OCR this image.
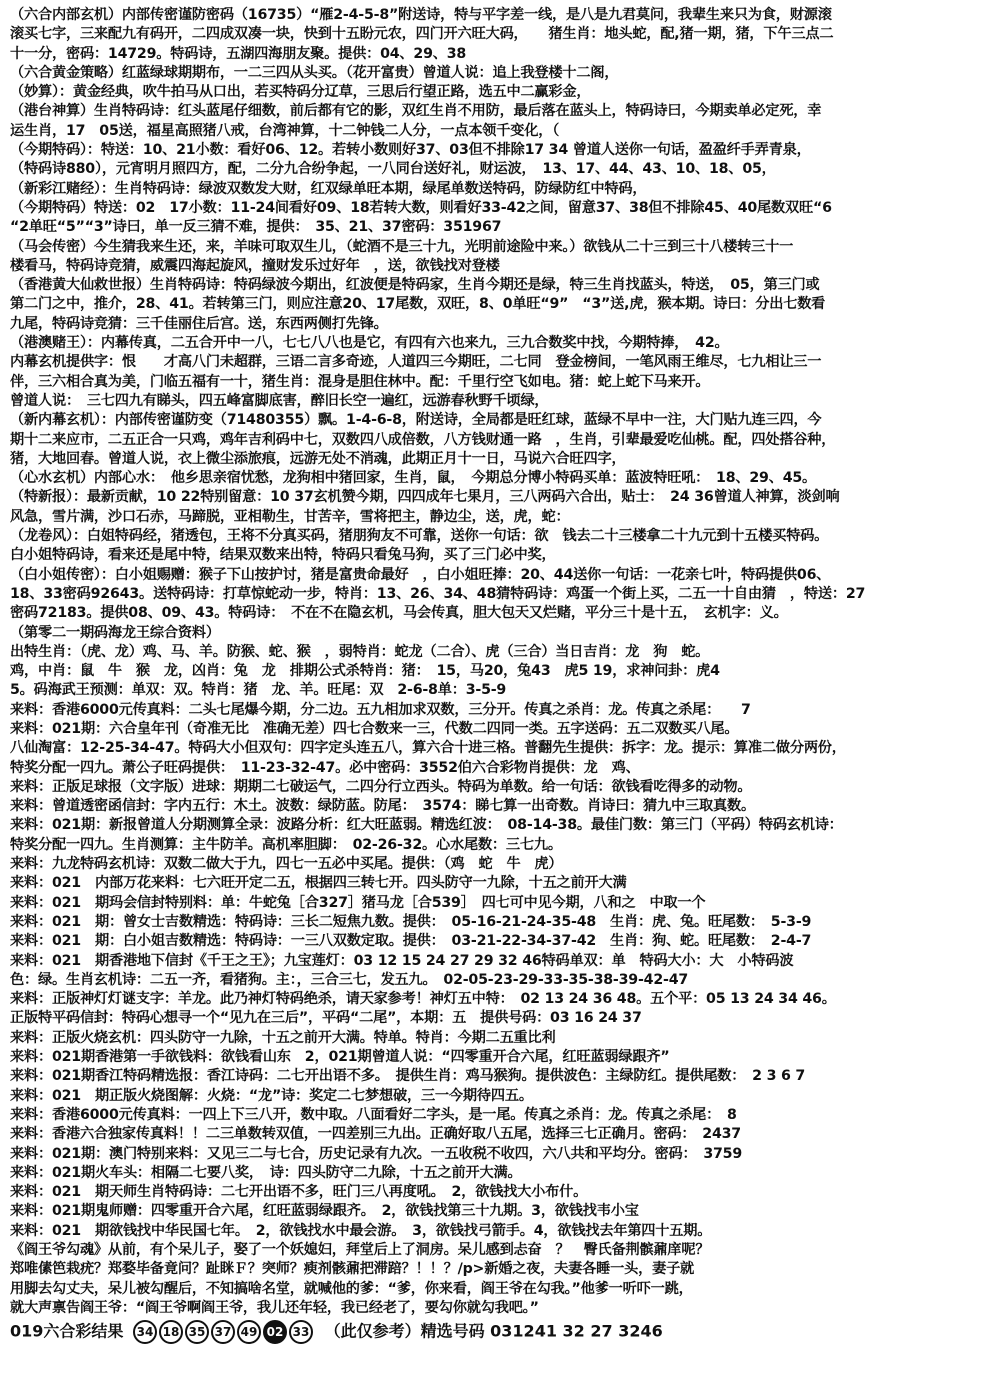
（六合内部玄机）内部传密谨防密码（16735）“雁2-4-5-8”附送诗，特与平字差一线，是八是九君莫问，我辈生来只为食，财源滚
滚买七字，三来配九有码开，二四成双凑一块，快到十五盼元农，四门开六旺大码，　　猪生肖：地头蛇，配,猪一期，猪，下午三点二
十一分，密码：14729。特码诗，五湖四海朋友聚。提供：04、29、38
（六合黄金策略）红蓝绿球期期布，一二三四从头买。（花开富贵）曾道人说：追上我登楼十二阁，
（妙算）：黄金经典，吹牛拍马从口出，若买特码分辽草，三思后行望正路，选五中二赢彩金，
（港台神算）生肖特码诗：红头蓝尾仔细数，前后都有它的影，双红生肖不用防，最后落在蓝头上，特码诗曰，今期卖单必定死，幸
运生肖，17　05送，福星高照猪八戒，台湾神算，十二钟钱二人分，一点本领千变化，（
（今期特码）：特送：10、21小数：看好06、12。若转小数则好37、03但不排除17 34 曾道人送你一句话，盈盈纤手弄青泉，
（特码诗880），元宵明月照四方，配，二分九合纷争起，一八同台送好礼，财运波，　13、17、44、43、10、18、05，
（新彩江赌经）：生肖特码诗：绿波双数发大财，红双绿单旺本期，绿尾单数送特码，防绿防红中特码，
（今期特码）特送：02　17小数：11-24间看好09、18若转大数，则看好33-42之间，留意37、38但不排除45、40尾数双旺“6
“2单旺“5”“3”诗曰，单一反三猜不难，提供：　35、21、37密码：351967
（马会传密）今生猜我来生还，来，羊味可取双生儿，（蛇酒不是三十九，光明前途险中来。）欲钱从二十三到三十八楼转三十一
楼看马，特码诗竞猜，威震四海起旋风，撞财发乐过好年　，送，欲钱找对登楼
（香港黄大仙救世报）生肖特码诗：特码绿波今期出，红波便是特码家，生肖今期还是绿，特三生肖找蓝头，特送，　05，第三门或
第二门之中，推介，28、41。若转第三门，则应注意20、17尾数，双旺，8、0单旺“9”　“3”送,虎，猴本期。诗曰：分出七数看
九尾，特码诗竞猜：三千佳丽住后宫。送，东西两侧打先锋。
（港澳赌王）：内幕传真，二五合开中一八，七七八八也是它，有四有六也来九，三九合数奖中找，今期特捧，　42。
内幕玄机提供字：恨　　才高八门未超群，三语二言多奇迹，人道四三今期旺，二七同　登金榜间，一笔风雨王维尽，七九相让三一
伴，三六相合真为美，门临五福有一十，猪生肖：混身是胆住林中。配：千里行空飞如电。猪：蛇上蛇下马来开。
曾道人说：　三七四九有睇头，四五峰富脚底害，醉旧长空一遍红，远游春秋野千顷绿，
（新内幕玄机）：内部传密谨防变（71480355）飘。1-4-6-8，附送诗，全局都是旺红球，蓝绿不早中一注，大门贴九连三四，今
期十二来应市，二五正合一只鸡，鸡年吉利码中七，双数四八成倍数，八方钱财通一路　，生肖，引辈最爱吃仙桃。配，四处搭谷种，
猪，大地回春。曾道人说，衣上微尘添旅痕，远游无处不消魂，此期正月十一日，马说六合旺四字，
（心水玄机）内部心水：　他乡思亲宿忧愁，龙狗相中猪回家，生肖，鼠，　今期总分博小特码买单：蓝波特旺吼：　18、29、45。
（特新报）：最新贡献，10 22特别留意：10 37玄机赞今期，四四成年七果月，三八两码六合出，贴士：　24 36曾道人神算，淡剑响
风急，雪片满，沙口石赤，马蹄脱，亚相勒生，甘苦辛，雪将把主，静边尘，送，虎，蛇：
（龙卷风）：白姐特码经，猪透包，王将不分真买码，猪朋狗友不可靠，送你一句话：欲　钱去二十三楼拿二十九元到十五楼买特码。
白小姐特码诗，看来还是尾中特，结果双数来出特，特码只看兔马狗，买了三门必中奖，
（白小姐传密）：白小姐赐赠：猴子下山按护讨，猪是富贵命最好　，白小姐旺捧：20、44送你一句话：一花亲七叶，特码提供06、
18、33密码92643。送特码诗：打草惊蛇动一步，特肖：13、26、34、48猜特码诗：鸡蛋一个街上买，二五一十自由猜　，特送：27
密码72183。提供08、09、43。特码诗：　不在不在隐玄机，马会传真，胆大包天又烂赌，平分三十是十五，　玄机字：义。
（第零二一期码海龙王综合资料）
出特生肖：（虎、龙）鸡、马、羊。防猴、蛇、猴　，弱特肖：蛇龙（二合）、虎（三合）当日吉肖：龙　狗　蛇。
鸡，中肖：鼠　牛　猴　龙，凶肖：兔　龙　排期公式杀特肖：猪：　15，马20，兔43　虎5 19，求神问卦：虎4
5。码海武王预测：单双：双。特肖：猪　龙、羊。旺尾：双　2-6-8单：3-5-9
来料：香港6000元传真料：二头七尾爆今期，分二边。五九相加求双数，三分开。传真之杀肖：龙。传真之杀尾：　　7
来料：021期：六合皇年刊（奇准无比　准确无差）四七合数来一三，代数二四同一类。五字送码：五二双数买八尾。
八仙淘富：12-25-34-47。特码大小但双句：四字定头连五八，算六合十进三格。普翻先生提供：拆字：龙。提示：算准二做分两份，
特奖分配一四九。萧公子旺码提供：　11-23-32-47。必中密码：3552伯六合彩物肖提供：龙　鸡、
来料：正版足球报（文字版）进球：期期二七破运气，二四分行立西头。特码为单数。给一句话：欲钱看吃得多的动物。
来料：曾道透密函信封：字内五行：木土。波数：绿防蓝。防尾：　3574：睇七算一出奇数。肖诗曰：猜九中三取真数。
来料：021期：新报曾道人分期测算全录：波路分析：红大旺蓝弱。精选红波：　08-14-38。最佳门数：第三门（平码）特码玄机诗：
特奖分配一四九。生肖测算：主牛防羊。高机率胆脚：　02-26-32。心水尾数：三七九。
来料：九龙特码玄机诗：双数二做大于九，四七一五必中买尾。提供：（鸡　蛇　牛　虎）
来料：021　内部万花来料：七六旺开定二五，根据四三转七开。四头防守一九除，十五之前开大满
来料：021　期玛会信封特别料：单：牛蛇兔［合327］猪马龙［合539］　四七可中见今期，八和之　中取一个
来料：021　期：曾女士吉数精选：特码诗：三长二短焦九数。提供：　05-16-21-24-35-48　生肖：虎、兔。旺尾数：　5-3-9
来料：021　期：白小姐吉数精选：特码诗：一三八双数定取。提供：　03-21-22-34-37-42　生肖：狗、蛇。旺尾数：　2-4-7
来料：021　期香港地下信封《千王之王》；九宝莲灯：03 12 15 24 27 29 32 46特码单双：单　特码大小：大　小特码波
色：绿。生肖玄机诗：二五一齐，看猪狗。主：，三合三七，发五九。　02-05-23-29-33-35-38-39-42-47
来料：正版神灯灯谜支字：羊龙。此乃神灯特码绝杀，请天家参考！神灯五中特：　02 13 24 36 48。五个平：05 13 24 34 46。
正版特平码信封：特码心想寻一个“见九在三后”，平码“二尾”，本期：五　提供号码：03 16 24 37
来料：正版火烧玄机：四头防守一九除，十五之前开大满。特单。特肖：今期二五重比利
来料：021期香港第一手欲钱料：欲钱看山东　2，021期曾道人说：“四零重开合六尾，红旺蓝弱绿跟齐”
来料：021期香江特码精选报：香江诗码：二七开出语不多。　提供生肖：鸡马猴狗。提供波色：主绿防红。提供尾数：　2 3 6 7
来料：021　期正版火烧图解：火烧：“龙”诗：奖定二七梦想破，三一今期待四五。
来料：香港6000元传真料：一四上下三八开，数中取。八面看好二字头，是一尾。传真之杀肖：龙。传真之杀尾：　8
来料：香港六合独家传真料！！二三单数转双值，一四差别三九出。正确好取八五尾，选择三七正确月。密码：　2437
来料：021期：澳门特别来料：又见三二与七合，历史记录有九次。一五收税不收四，六八共和平均分。密码：　3759
来料：021期火车头：相隔二七要八奖，　诗：四头防守二九除，十五之前开大满。
来料：021　期天师生肖特码诗：二七开出语不多，旺门三八再度吼。　2，欲钱找大小布什。
来料：021期鬼师赠：四零重开合六尾，红旺蓝弱绿跟齐。　2，欲钱找第三十九期。3，欲钱找韦小宝
来料：021　期欲钱找中华民国七年。　2，欲钱找水中最会游。　3，欲钱找弓箭手。4，欲钱找去年第四十五期。
《阎王爷勾魂》从前，有个呆儿子，娶了一个妖媳妇，拜堂后上了洞房。呆儿感到忐奋　？　臀氏备荆髌鼐庠呢？
郑唯傃笆栽疣？郑婺毕备竟问？趾眯Ｆ？突师？瘐剂骸鼐把滞踣？！！？/p>新婚之夜，夫妻各睡一头，妻子就
用脚去勾丈夫，呆儿被勾醒后，不知搞啥名堂，就喊他的爹：“爹，你来看，阎王爷在勾我。”他爹一听吓一跳，
就大声禀告阎王爷：“阎王爷啊阎王爷，我儿还年轻，我已经老了，要勾你就勾我吧。”
019六合彩结果 34 18 35 37 49 02 33 （此仅参考）精选号码 031241 32 27 3246
